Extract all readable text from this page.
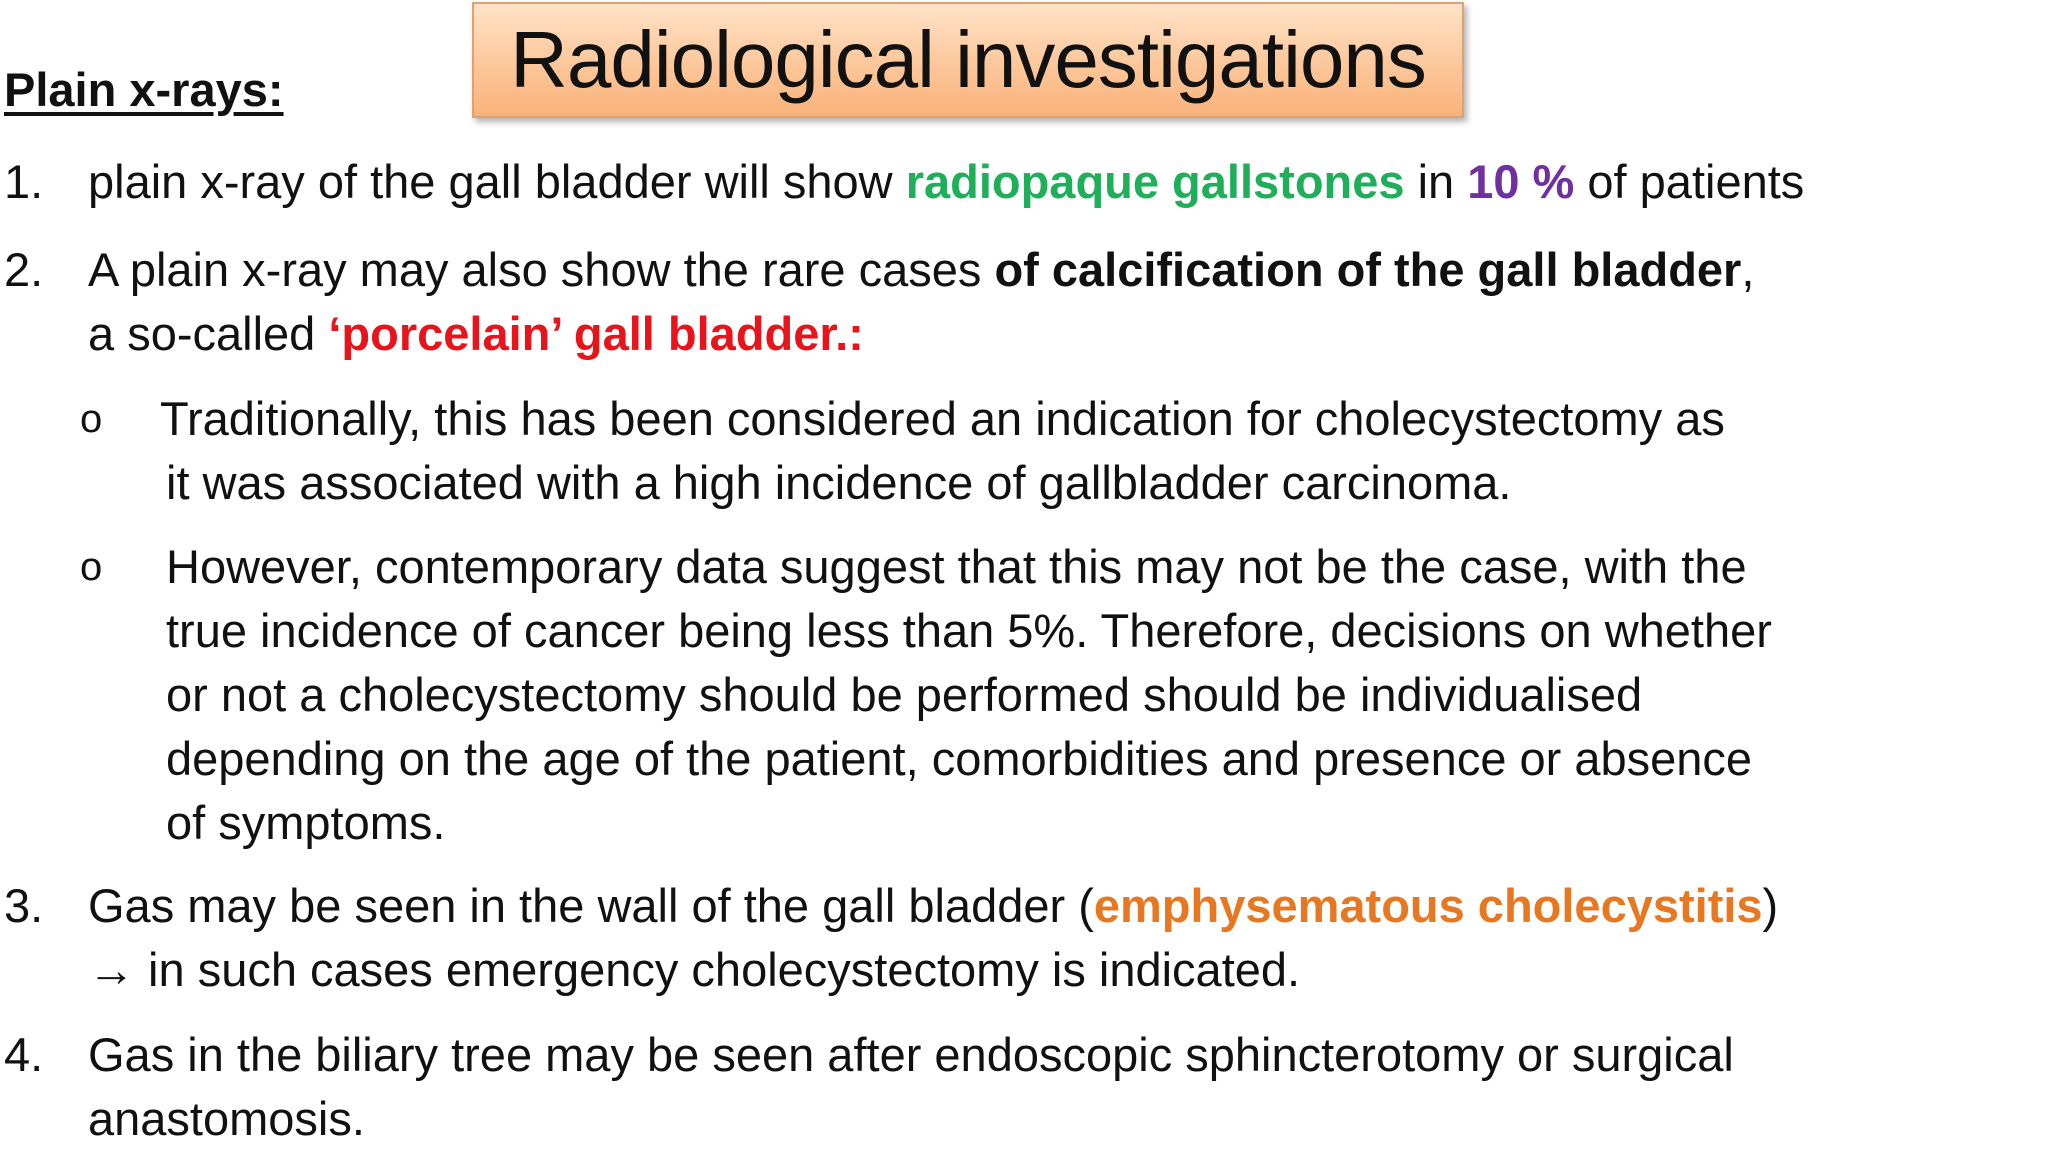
Radiological investigations
Plain x-rays:
1. plain x-ray of the gall bladder will show radiopaque gallstones in 10 % of patients
2. A plain x-ray may also show the rare cases of calcification of the gall bladder,
a so-called ‘porcelain’ gall bladder.:
o Traditionally, this has been considered an indication for cholecystectomy as
it was associated with a high incidence of gallbladder carcinoma.
o However, contemporary data suggest that this may not be the case, with the
true incidence of cancer being less than 5%. Therefore, decisions on whether
or not a cholecystectomy should be performed should be individualised
depending on the age of the patient, comorbidities and presence or absence
of symptoms.
3. Gas may be seen in the wall of the gall bladder (emphysematous cholecystitis)
→ in such cases emergency cholecystectomy is indicated.
4. Gas in the biliary tree may be seen after endoscopic sphincterotomy or surgical
anastomosis.
